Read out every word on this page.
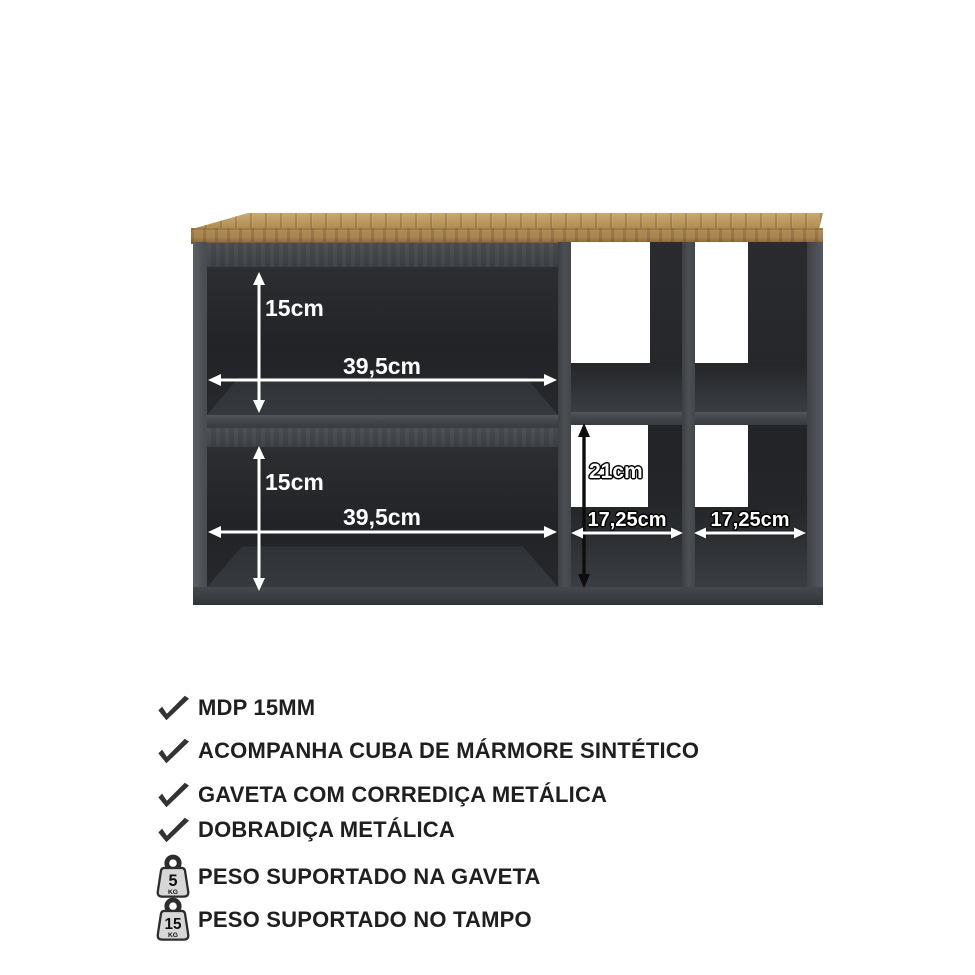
15cm
39,5cm
15cm
39,5cm
21cm
17,25cm	17,25cm
MDP 15MM
ACOMPANHA CUBA DE MÁRMORE SINTÉTICO
GAVETA COM CORREDIÇA METÁLICA
DOBRADIÇA METÁLICA
5
KG
PESO SUPORTADO NA GAVETA
15
KG
PESO SUPORTADO NO TAMPO
